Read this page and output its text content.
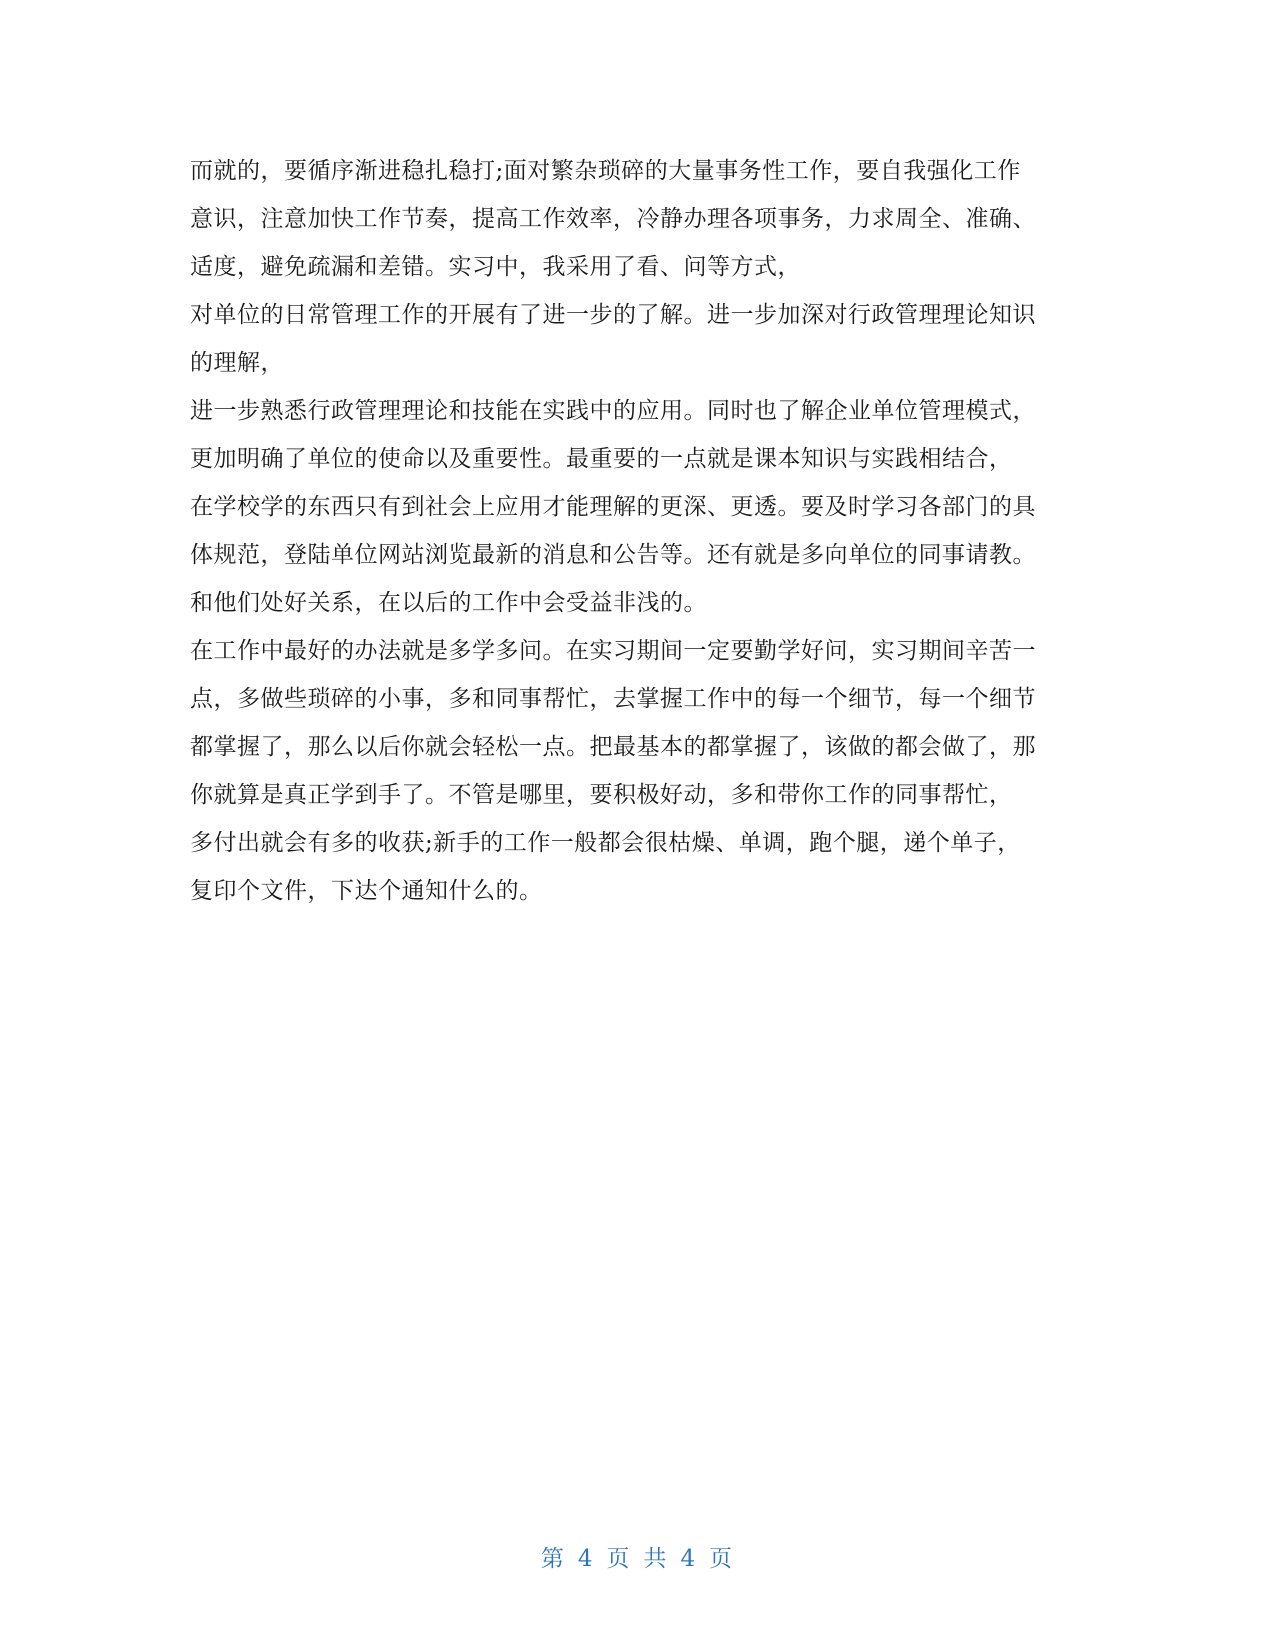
而就的，要循序渐进稳扎稳打;面对繁杂琐碎的大量事务性工作，要自我强化工作
意识，注意加快工作节奏，提高工作效率，冷静办理各项事务，力求周全、准确、
适度，避免疏漏和差错。实习中，我采用了看、问等方式，
对单位的日常管理工作的开展有了进一步的了解。进一步加深对行政管理理论知识
的理解，
进一步熟悉行政管理理论和技能在实践中的应用。同时也了解企业单位管理模式，
更加明确了单位的使命以及重要性。最重要的一点就是课本知识与实践相结合，
在学校学的东西只有到社会上应用才能理解的更深、更透。要及时学习各部门的具
体规范，登陆单位网站浏览最新的消息和公告等。还有就是多向单位的同事请教。
和他们处好关系，在以后的工作中会受益非浅的。
在工作中最好的办法就是多学多问。在实习期间一定要勤学好问，实习期间辛苦一
点，多做些琐碎的小事，多和同事帮忙，去掌握工作中的每一个细节，每一个细节
都掌握了，那么以后你就会轻松一点。把最基本的都掌握了，该做的都会做了，那
你就算是真正学到手了。不管是哪里，要积极好动，多和带你工作的同事帮忙，
多付出就会有多的收获;新手的工作一般都会很枯燥、单调，跑个腿，递个单子，
复印个文件，下达个通知什么的。
第 4 页 共 4 页
